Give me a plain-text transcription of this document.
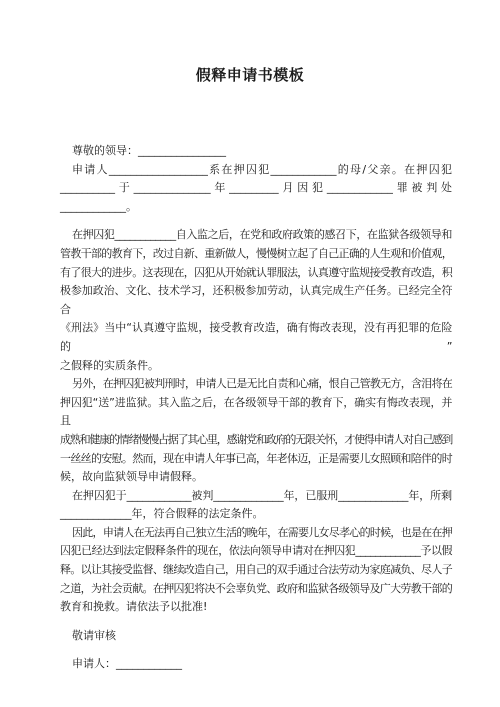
假释申请书模板

尊敬的领导：________________

申请人__________________系在押囚犯____________的母/父亲。在押囚犯

__________于______________年_________月因犯____________罪被判处

____________。

在押囚犯____________自入监之后，在党和政府政策的感召下，在监狱各级领导和

管教干部的教育下，改过自新、重新做人，慢慢树立起了自己正确的人生观和价值观，

有了很大的进步。这表现在，囚犯从开始就认罪服法，认真遵守监规接受教育改造，积

极参加政治、文化、技术学习，还积极参加劳动，认真完成生产任务。已经完全符合

《刑法》当中“认真遵守监规，接受教育改造，确有悔改表现，没有再犯罪的危险的”

之假释的实质条件。

另外，在押囚犯被判刑时，申请人已是无比自责和心痛，恨自己管教无方，含泪将在

押囚犯“送”进监狱。其入监之后，在各级领导干部的教育下，确实有悔改表现，并且

成熟和健康的情绪慢慢占据了其心里，感谢党和政府的无限关怀，才使得申请人对自己感到

一丝丝的安慰。然而，现在申请人年事已高，年老体迈，正是需要儿女照顾和陪伴的时

候，故向监狱领导申请假释。

在押囚犯于____________被判_____________年，已服刑_____________年，所剩

_____________年，符合假释的法定条件。

因此，申请人在无法再自己独立生活的晚年，在需要儿女尽孝心的时候，也是在在押

囚犯已经达到法定假释条件的现在，依法向领导申请对在押囚犯_____________予以假

释。以让其接受监督、继续改造自己，用自己的双手通过合法劳动为家庭减负、尽人子

之道，为社会贡献。在押囚犯将决不会辜负党、政府和监狱各级领导及广大劳教干部的

教育和挽救。请依法予以批准!

敬请审核

申请人：____________
